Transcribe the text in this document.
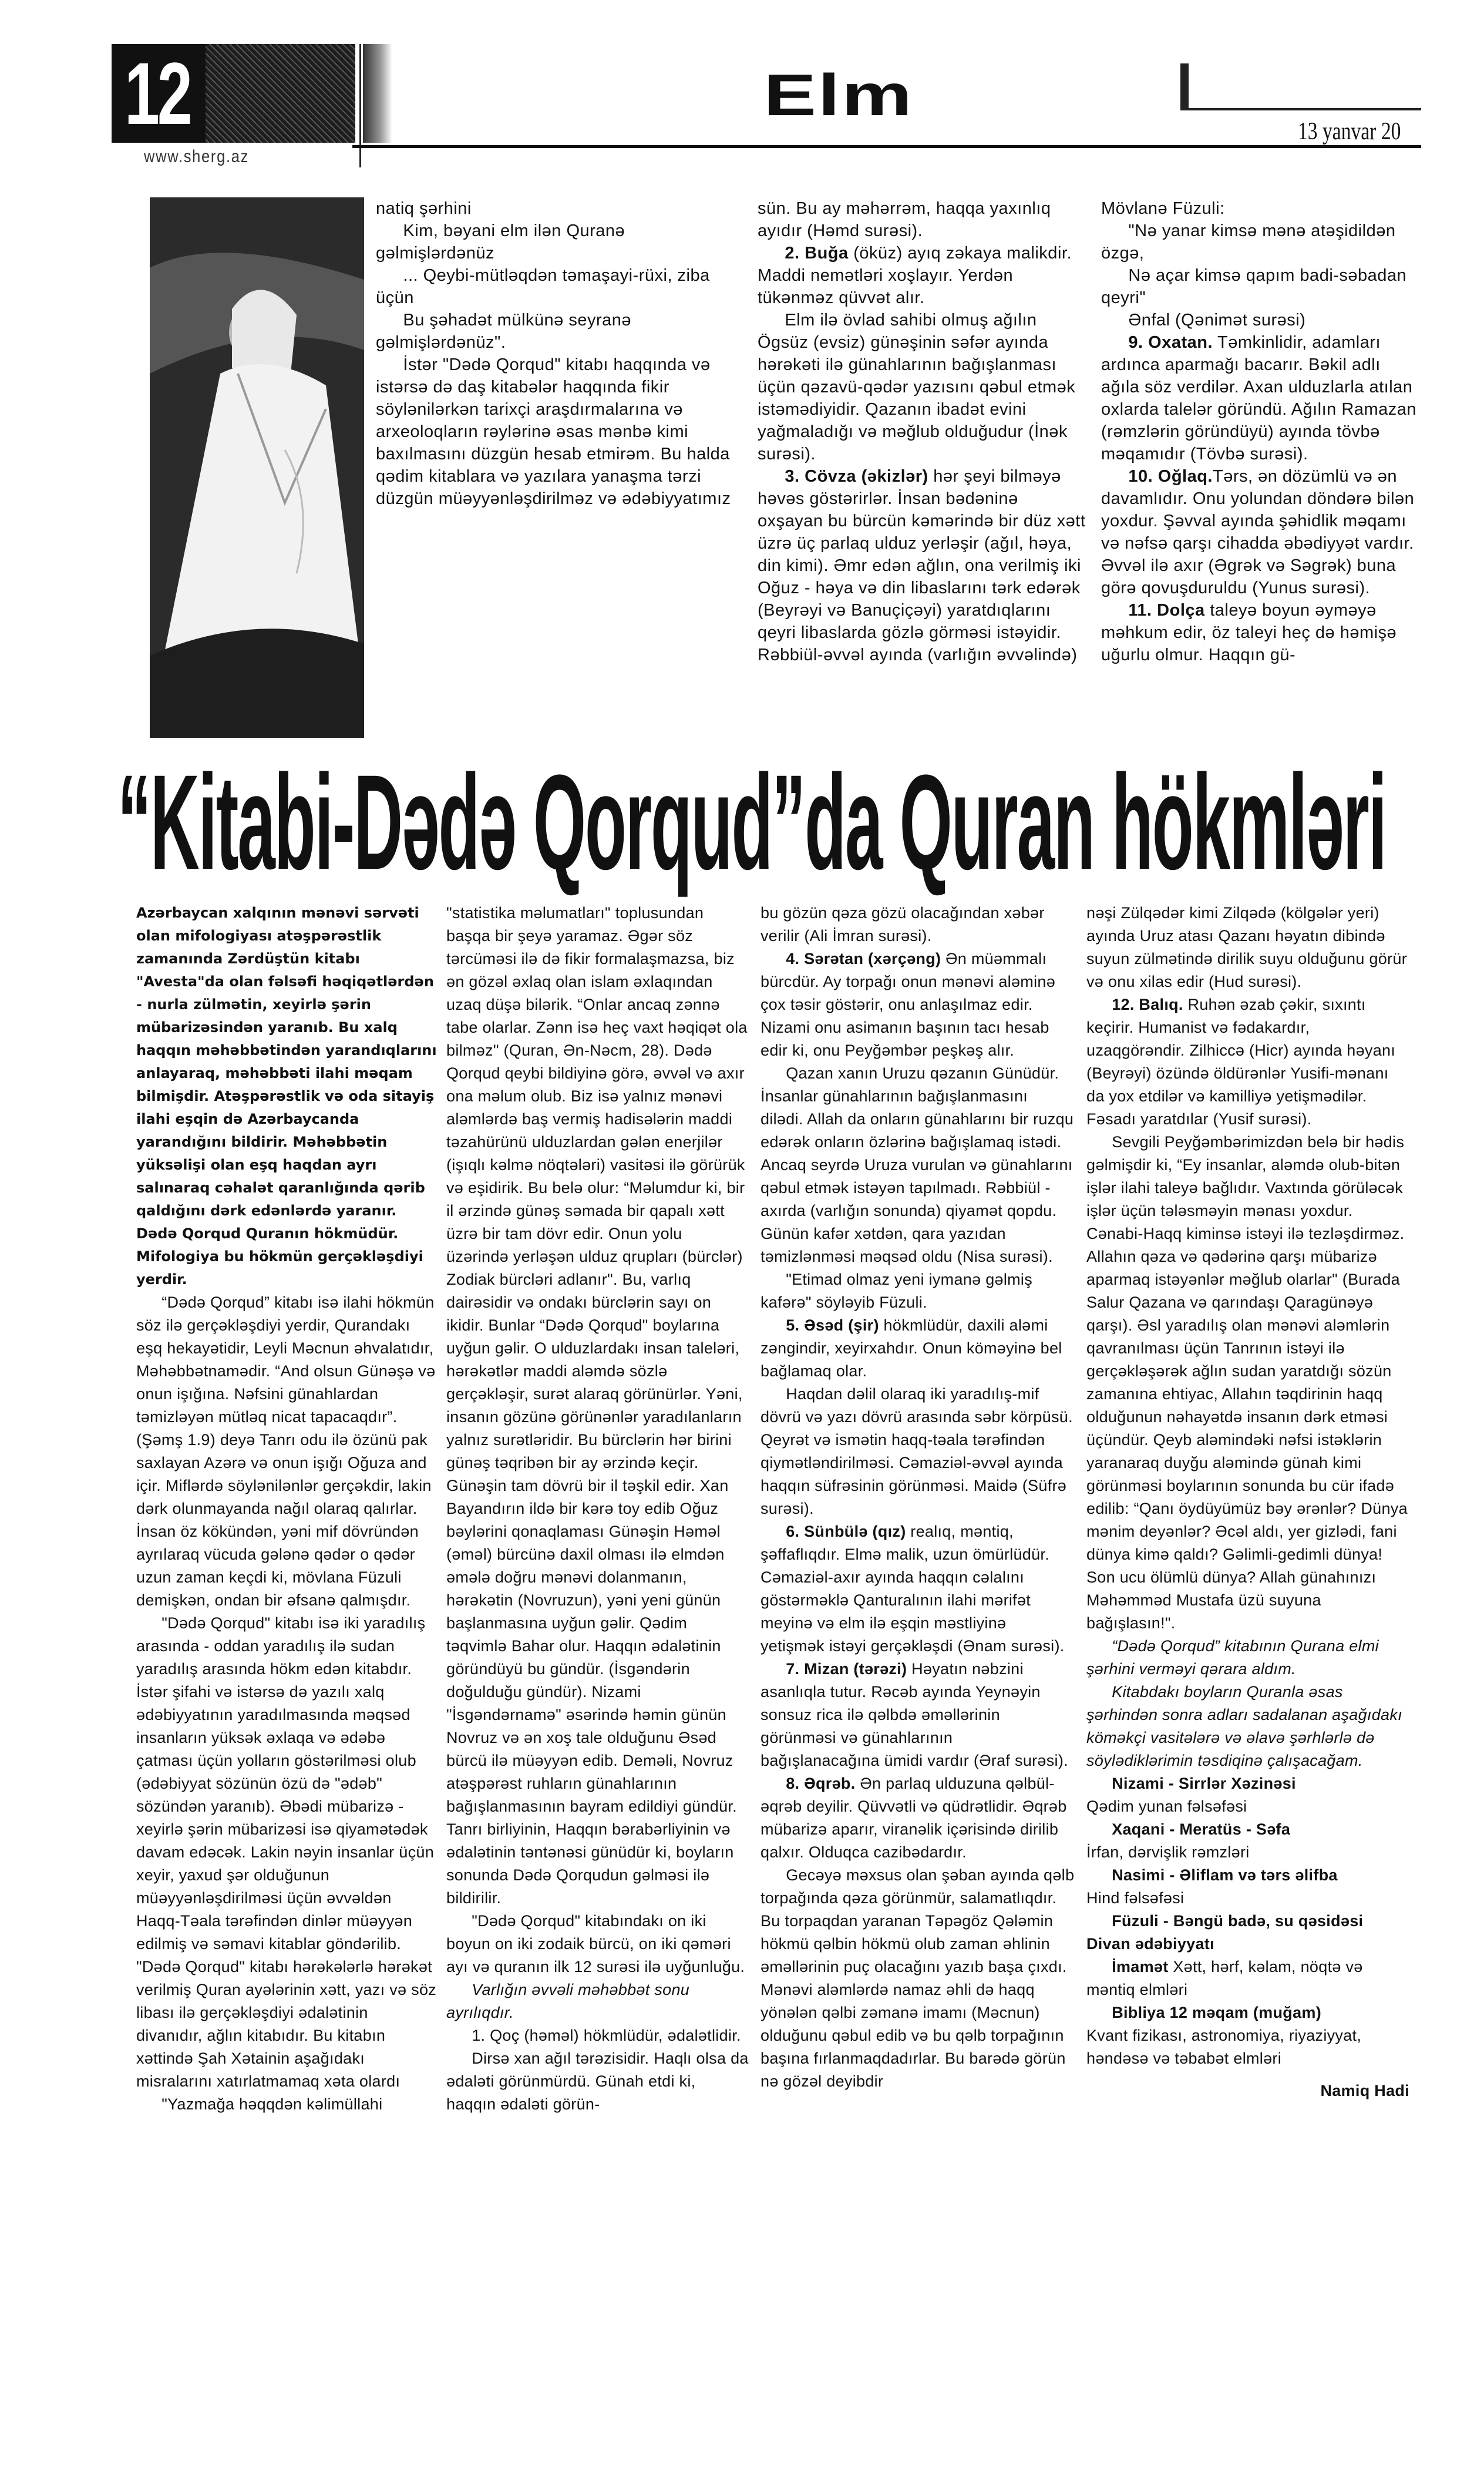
12
www.sherg.az
Elm
13 yanvar 20

natiq şərhini

Kim, bəyani elm ilən Quranə gəlmişlərdənüz

... Qeybi-mütləqdən təmaşayi-rüxi, ziba üçün

Bu şəhadət mülkünə seyranə gəlmişlərdənüz".

İstər "Dədə Qorqud" kitabı haqqında və istərsə də daş kitabələr haqqında fikir söylənilərkən tarixçi araşdırmalarına və arxeoloqların rəylərinə əsas mənbə kimi baxılmasını düzgün hesab etmirəm. Bu halda qədim kitablara və yazılara yanaşma tərzi düzgün müəyyənləşdirilməz və ədəbiyyatımız

sün. Bu ay məhərrəm, haqqa yaxınlıq ayıdır (Həmd surəsi).

2. Buğa (öküz) ayıq zəkaya malikdir. Maddi nemətləri xoşlayır. Yerdən tükənməz qüvvət alır.

Elm ilə övlad sahibi olmuş ağılın Ögsüz (evsiz) günəşinin səfər ayında hərəkəti ilə günahlarının bağışlanması üçün qəzavü-qədər yazısını qəbul etmək istəmədiyidir. Qazanın ibadət evini yağmaladığı və məğlub olduğudur (İnək surəsi).

3. Cövza (əkizlər) hər şeyi bilməyə həvəs göstərirlər. İnsan bədəninə oxşayan bu bürcün kəmərində bir düz xətt üzrə üç parlaq ulduz yerləşir (ağıl, həya, din kimi). Əmr edən ağlın, ona verilmiş iki Oğuz - həya və din libaslarını tərk edərək (Beyrəyi və Banuçiçəyi) yaratdıqlarını qeyri libaslarda gözlə görməsi istəyidir. Rəbbiül-əvvəl ayında (varlığın əvvəlində)

Mövlanə Füzuli:

"Nə yanar kimsə mənə atəşidildən özgə,

Nə açar kimsə qapım badi-səbadan qeyri"

Ənfal (Qənimət surəsi)

9. Oxatan. Təmkinlidir, adamları ardınca aparmağı bacarır. Bəkil adlı ağıla söz verdilər. Axan ulduzlarla atılan oxlarda talelər göründü. Ağılın Ramazan (rəmzlərin göründüyü) ayında tövbə məqamıdır (Tövbə surəsi).

10. Oğlaq.Tərs, ən dözümlü və ən davamlıdır. Onu yolundan döndərə bilən yoxdur. Şəvval ayında şəhidlik məqamı və nəfsə qarşı cihadda əbədiyyət vardır. Əvvəl ilə axır (Əgrək və Səgrək) buna görə qovuşduruldu (Yunus surəsi).

11. Dolça taleyə boyun əyməyə məhkum edir, öz taleyi heç də həmişə uğurlu olmur. Haqqın gü-

“Kitabi-Dədə Qorqud”da Quran hökmləri

Azərbaycan xalqının mənəvi sərvəti olan mifologiyası atəşpərəstlik zamanında Zərdüştün kitabı "Avesta"da olan fəlsəfi həqiqətlərdən - nurla zülmətin, xeyirlə şərin mübarizəsindən yaranıb. Bu xalq haqqın məhəbbətindən yarandıqlarını anlayaraq, məhəbbəti ilahi məqam bilmişdir. Atəşpərəstlik və oda sitayiş ilahi eşqin də Azərbaycanda yarandığını bildirir. Məhəbbətin yüksəlişi olan eşq haqdan ayrı salınaraq cəhalət qaranlığında qərib qaldığını dərk edənlərdə yaranır. Dədə Qorqud Quranın hökmüdür. Mifologiya bu hökmün gerçəkləşdiyi yerdir.

“Dədə Qorqud” kitabı isə ilahi hökmün söz ilə gerçəkləşdiyi yerdir, Qurandakı eşq hekayətidir, Leyli Məcnun əhvalatıdır, Məhəbbətnamədir. “And olsun Günəşə və onun işığına. Nəfsini günahlardan təmizləyən mütləq nicat tapacaqdır”. (Şəmş 1.9) deyə Tanrı odu ilə özünü pak saxlayan Azərə və onun işığı Oğuza and içir. Miflərdə söylənilənlər gerçəkdir, lakin dərk olunmayanda nağıl olaraq qalırlar. İnsan öz kökündən, yəni mif dövründən ayrılaraq vücuda gələnə qədər o qədər uzun zaman keçdi ki, mövlana Füzuli demişkən, ondan bir əfsanə qalmışdır.

"Dədə Qorqud" kitabı isə iki yaradılış arasında - oddan yaradılış ilə sudan yaradılış arasında hökm edən kitabdır. İstər şifahi və istərsə də yazılı xalq ədəbiyyatının yaradılmasında məqsəd insanların yüksək əxlaqa və ədəbə çatması üçün yolların göstərilməsi olub (ədəbiyyat sözünün özü də "ədəb" sözündən yaranıb). Əbədi mübarizə - xeyirlə şərin mübarizəsi isə qiyamətədək davam edəcək. Lakin nəyin insanlar üçün xeyir, yaxud şər olduğunun müəyyənləşdirilməsi üçün əvvəldən Haqq-Təala tərəfindən dinlər müəyyən edilmiş və səmavi kitablar göndərilib. "Dədə Qorqud" kitabı hərəkələrlə hərəkət verilmiş Quran ayələrinin xətt, yazı və söz libası ilə gerçəkləşdiyi ədalətinin divanıdır, ağlın kitabıdır. Bu kitabın xəttində Şah Xətainin aşağıdakı misralarını xatırlatmamaq xəta olardı

"Yazmağa həqqdən kəlimüllahi

"statistika məlumatları" toplusundan başqa bir şeyə yaramaz. Əgər söz tərcüməsi ilə də fikir formalaşmazsa, biz ən gözəl əxlaq olan islam əxlaqından uzaq düşə bilərik. “Onlar ancaq zənnə tabe olarlar. Zənn isə heç vaxt həqiqət ola bilməz" (Quran, Ən-Nəcm, 28). Dədə Qorqud qeybi bildiyinə görə, əvvəl və axır ona məlum olub. Biz isə yalnız mənəvi aləmlərdə baş vermiş hadisələrin maddi təzahürünü ulduzlardan gələn enerjilər (işıqlı kəlmə nöqtələri) vasitəsi ilə görürük və eşidirik. Bu belə olur: “Məlumdur ki, bir il ərzində günəş səmada bir qapalı xətt üzrə bir tam dövr edir. Onun yolu üzərində yerləşən ulduz qrupları (bürclər) Zodiak bürcləri adlanır". Bu, varlıq dairəsidir və ondakı bürclərin sayı on ikidir. Bunlar “Dədə Qorqud" boylarına uyğun gəlir. O ulduzlardakı insan taleləri, hərəkətlər maddi aləmdə sözlə gerçəkləşir, surət alaraq görünürlər. Yəni, insanın gözünə görünənlər yaradılanların yalnız surətləridir. Bu bürclərin hər birini günəş təqribən bir ay ərzində keçir. Günəşin tam dövrü bir il təşkil edir. Xan Bayandırın ildə bir kərə toy edib Oğuz bəylərini qonaqlaması Günəşin Həməl (əməl) bürcünə daxil olması ilə elmdən əmələ doğru mənəvi dolanmanın, hərəkətin (Novruzun), yəni yeni günün başlanmasına uyğun gəlir. Qədim təqvimlə Bahar olur. Haqqın ədalətinin göründüyü bu gündür. (İsgəndərin doğulduğu gündür). Nizami "İsgəndərnamə" əsərində həmin günün Novruz və ən xoş tale olduğunu Əsəd bürcü ilə müəyyən edib. Deməli, Novruz atəşpərəst ruhların günahlarının bağışlanmasının bayram edildiyi gündür. Tanrı birliyinin, Haqqın bərabərliyinin və ədalətinin təntənəsi günüdür ki, boyların sonunda Dədə Qorqudun gəlməsi ilə bildirilir.

"Dədə Qorqud" kitabındakı on iki boyun on iki zodaik bürcü, on iki qəməri ayı və quranın ilk 12 surəsi ilə uyğunluğu.

Varlığın əvvəli məhəbbət sonu ayrılıqdır.

1. Qoç (həməl) hökmlüdür, ədalətlidir.

Dirsə xan ağıl tərəzisidir. Haqlı olsa da ədaləti görünmürdü. Günah etdi ki, haqqın ədaləti görün-

bu gözün qəza gözü olacağından xəbər verilir (Ali İmran surəsi).

4. Sərətan (xərçəng) Ən müəmmalı bürcdür. Ay torpağı onun mənəvi aləminə çox təsir göstərir, onu anlaşılmaz edir. Nizami onu asimanın başının tacı hesab edir ki, onu Peyğəmbər peşkəş alır.

Qazan xanın Uruzu qəzanın Günüdür. İnsanlar günahlarının bağışlanmasını dilədi. Allah da onların günahlarını bir ruzqu edərək onların özlərinə bağışlamaq istədi. Ancaq seyrdə Uruza vurulan və günahlarını qəbul etmək istəyən tapılmadı. Rəbbiül -axırda (varlığın sonunda) qiyamət qopdu. Günün kafər xətdən, qara yazıdan təmizlənməsi məqsəd oldu (Nisa surəsi).

"Etimad olmaz yeni iymanə gəlmiş kafərə" söyləyib Füzuli.

5. Əsəd (şir) hökmlüdür, daxili aləmi zəngindir, xeyirxahdır. Onun köməyinə bel bağlamaq olar.

Haqdan dəlil olaraq iki yaradılış-mif dövrü və yazı dövrü arasında səbr körpüsü. Qeyrət və ismətin haqq-təala tərəfindən qiymətləndirilməsi. Cəmaziəl-əvvəl ayında haqqın süfrəsinin görünməsi. Maidə (Süfrə surəsi).

6. Sünbülə (qız) realıq, məntiq, şəffaflıqdır. Elmə malik, uzun ömürlüdür. Cəmaziəl-axır ayında haqqın cəlalını göstərməklə Qanturalının ilahi mərifət meyinə və elm ilə eşqin məstliyinə yetişmək istəyi gerçəkləşdi (Ənam surəsi).

7. Mizan (tərəzi) Həyatın nəbzini asanlıqla tutur. Rəcəb ayında Yeynəyin sonsuz rica ilə qəlbdə əməllərinin görünməsi və günahlarının bağışlanacağına ümidi vardır (Əraf surəsi).

8. Əqrəb. Ən parlaq ulduzuna qəlbül-əqrəb deyilir. Qüvvətli və qüdrətlidir. Əqrəb mübarizə aparır, viranəlik içərisində dirilib qalxır. Olduqca cazibədardır.

Gecəyə məxsus olan şəban ayında qəlb torpağında qəza görünmür, salamatlıqdır. Bu torpaqdan yaranan Təpəgöz Qələmin hökmü qəlbin hökmü olub zaman əhlinin əməllərinin puç olacağını yazıb başa çıxdı. Mənəvi aləmlərdə namaz əhli də haqq yönələn qəlbi zəmanə imamı (Məcnun) olduğunu qəbul edib və bu qəlb torpağının başına fırlanmaqdadırlar. Bu barədə görün nə gözəl deyibdir

nəşi Zülqədər kimi Zilqədə (kölgələr yeri) ayında Uruz atası Qazanı həyatın dibində suyun zülmətində dirilik suyu olduğunu görür və onu xilas edir (Hud surəsi).

12. Balıq. Ruhən əzab çəkir, sıxıntı keçirir. Humanist və fədakardır, uzaqgörəndir. Zilhiccə (Hicr) ayında həyanı (Beyrəyi) özündə öldürənlər Yusifi-mənanı da yox etdilər və kamilliyə yetişmədilər. Fəsadı yaratdılar (Yusif surəsi).

Sevgili Peyğəmbərimizdən belə bir hədis gəlmişdir ki, “Ey insanlar, aləmdə olub-bitən işlər ilahi taleyə bağlıdır. Vaxtında görüləcək işlər üçün tələsməyin mənası yoxdur. Cənabi-Haqq kiminsə istəyi ilə tezləşdirməz. Allahın qəza və qədərinə qarşı mübarizə aparmaq istəyənlər məğlub olarlar" (Burada Salur Qazana və qarındaşı Qaragünəyə qarşı). Əsl yaradılış olan mənəvi aləmlərin qavranılması üçün Tanrının istəyi ilə gerçəkləşərək ağlın sudan yaratdığı sözün zamanına ehtiyac, Allahın təqdirinin haqq olduğunun nəhayətdə insanın dərk etməsi üçündür. Qeyb aləmindəki nəfsi istəklərin yaranaraq duyğu aləmində günah kimi görünməsi boylarının sonunda bu cür ifadə edilib: “Qanı öydüyümüz bəy ərənlər? Dünya mənim deyənlər? Əcəl aldı, yer gizlədi, fani dünya kimə qaldı? Gəlimli-gedimli dünya! Son ucu ölümlü dünya? Allah günahınızı Məhəmməd Mustafa üzü suyuna bağışlasın!".

“Dədə Qorqud” kitabının Qurana elmi şərhini verməyi qərara aldım.

Kitabdakı boyların Quranla əsas şərhindən sonra adları sadalanan aşağıdakı köməkçi vasitələrə və əlavə şərhlərlə də söylədiklərimin təsdiqinə çalışacağam.

Nizami - Sirrlər Xəzinəsi

Qədim yunan fəlsəfəsi

Xaqani - Meratüs - Səfa

İrfan, dərvişlik rəmzləri

Nasimi - Əliflam və tərs əlifba

Hind fəlsəfəsi

Füzuli - Bəngü badə, su qəsidəsi Divan ədəbiyyatı

İmamət Xətt, hərf, kəlam, nöqtə və məntiq elmləri

Bibliya 12 məqam (muğam)

Kvant fizikası, astronomiya, riyaziyyat, həndəsə və təbabət elmləri

Namiq Hadi
